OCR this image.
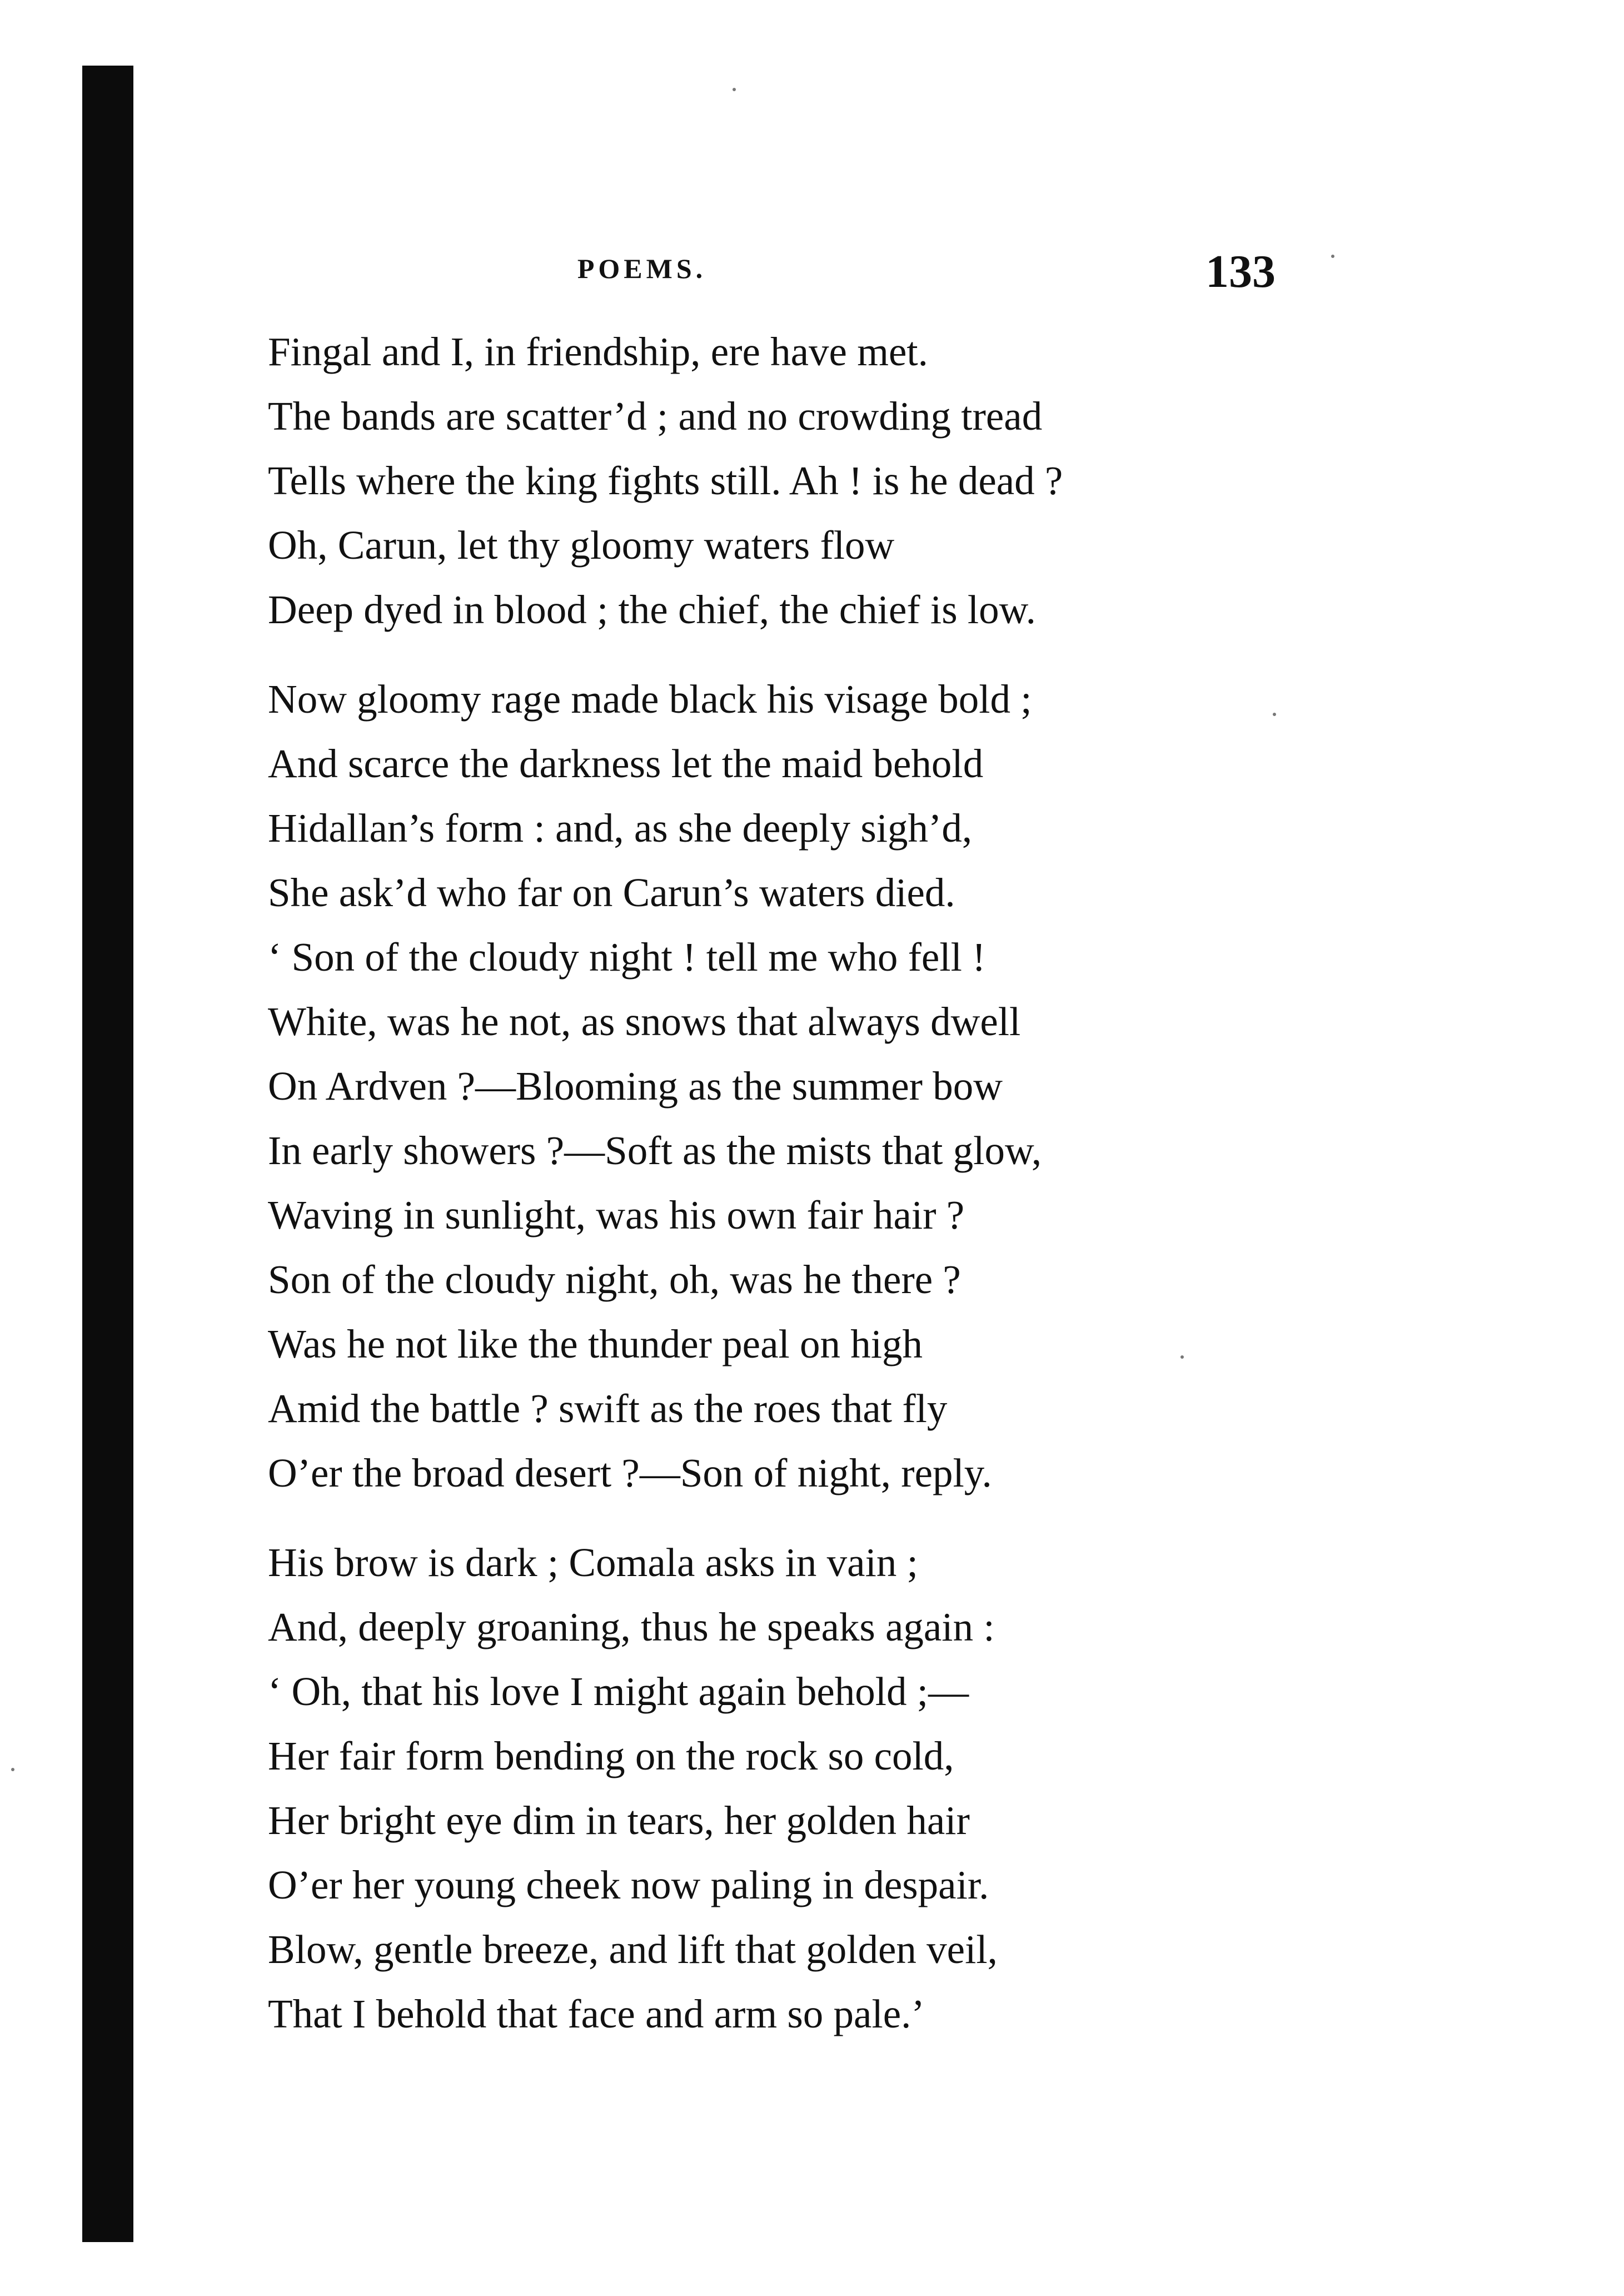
POEMS.	133
Fingal and I, in friendship, ere have met.
The bands are scatter’d ; and no crowding tread
Tells where the king fights still. Ah ! is he dead ?
Oh, Carun, let thy gloomy waters flow
Deep dyed in blood ; the chief, the chief is low.
Now gloomy rage made black his visage bold ;
And scarce the darkness let the maid behold
Hidallan’s form : and, as she deeply sigh’d,
She ask’d who far on Carun’s waters died.
‘ Son of the cloudy night ! tell me who fell !
White, was he not, as snows that always dwell
On Ardven ?—Blooming as the summer bow
In early showers ?—Soft as the mists that glow,
Waving in sunlight, was his own fair hair ?
Son of the cloudy night, oh, was he there ?
Was he not like the thunder peal on high
Amid the battle ? swift as the roes that fly
O’er the broad desert ?—Son of night, reply.
His brow is dark ; Comala asks in vain ;
And, deeply groaning, thus he speaks again :
‘ Oh, that his love I might again behold ;—
Her fair form bending on the rock so cold,
Her bright eye dim in tears, her golden hair
O’er her young cheek now paling in despair.
Blow, gentle breeze, and lift that golden veil,
That I behold that face and arm so pale.’
